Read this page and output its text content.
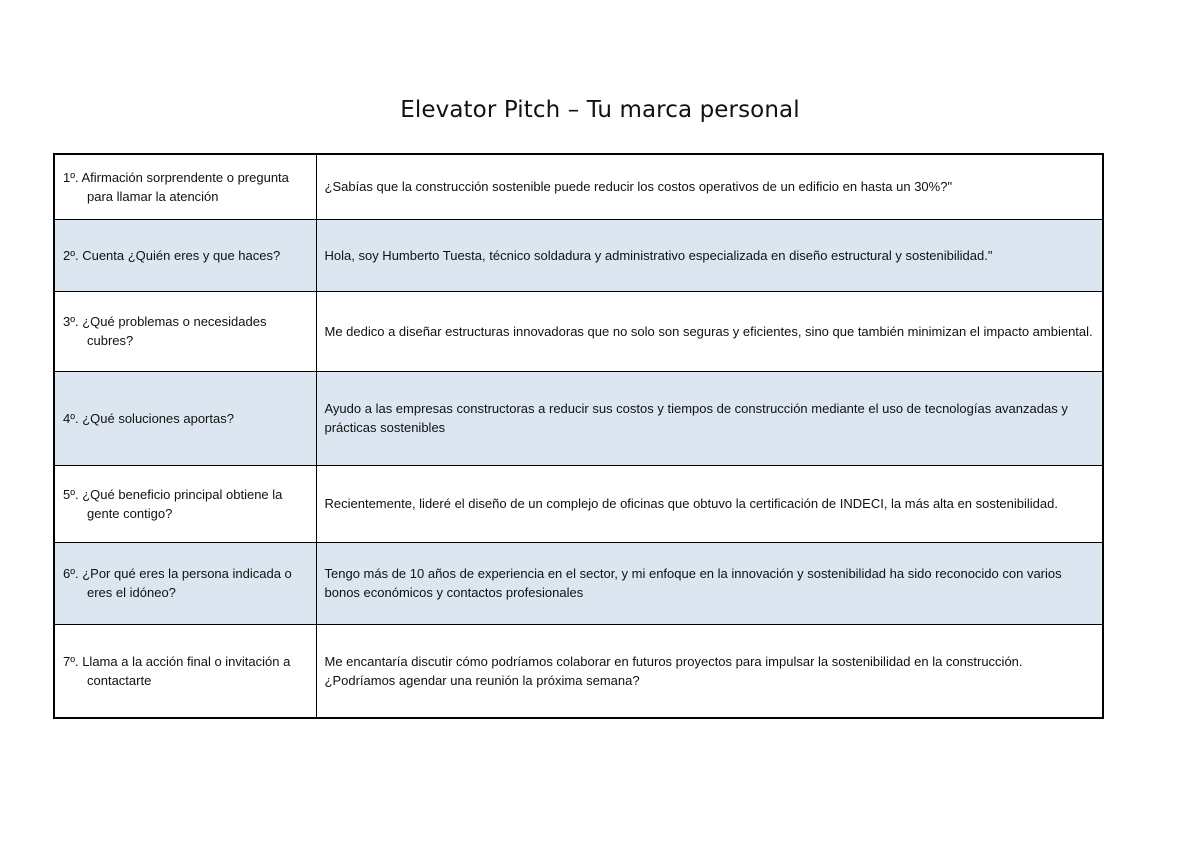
Elevator Pitch – Tu marca personal
1º. Afirmación sorprendente o pregunta para llamar la atención	¿Sabías que la construcción sostenible puede reducir los costos operativos de un edificio en hasta un 30%?"

2º. Cuenta ¿Quién eres y que haces?	Hola, soy Humberto Tuesta, técnico soldadura y administrativo especializada en diseño estructural y sostenibilidad."

3º. ¿Qué problemas o necesidades cubres?	Me dedico a diseñar estructuras innovadoras que no solo son seguras y eficientes, sino que también minimizan el impacto ambiental.

4º. ¿Qué soluciones aportas?	Ayudo a las empresas constructoras a reducir sus costos y tiempos de construcción mediante el uso de tecnologías avanzadas y prácticas sostenibles

5º. ¿Qué beneficio principal obtiene la gente contigo?	Recientemente, lideré el diseño de un complejo de oficinas que obtuvo la certificación de INDECI, la más alta en sostenibilidad.

6º. ¿Por qué eres la persona indicada o eres el idóneo?	Tengo más de 10 años de experiencia en el sector, y mi enfoque en la innovación y sostenibilidad ha sido reconocido con varios bonos económicos y contactos profesionales

7º. Llama a la acción final o invitación a contactarte	Me encantaría discutir cómo podríamos colaborar en futuros proyectos para impulsar la sostenibilidad en la construcción. ¿Podríamos agendar una reunión la próxima semana?
